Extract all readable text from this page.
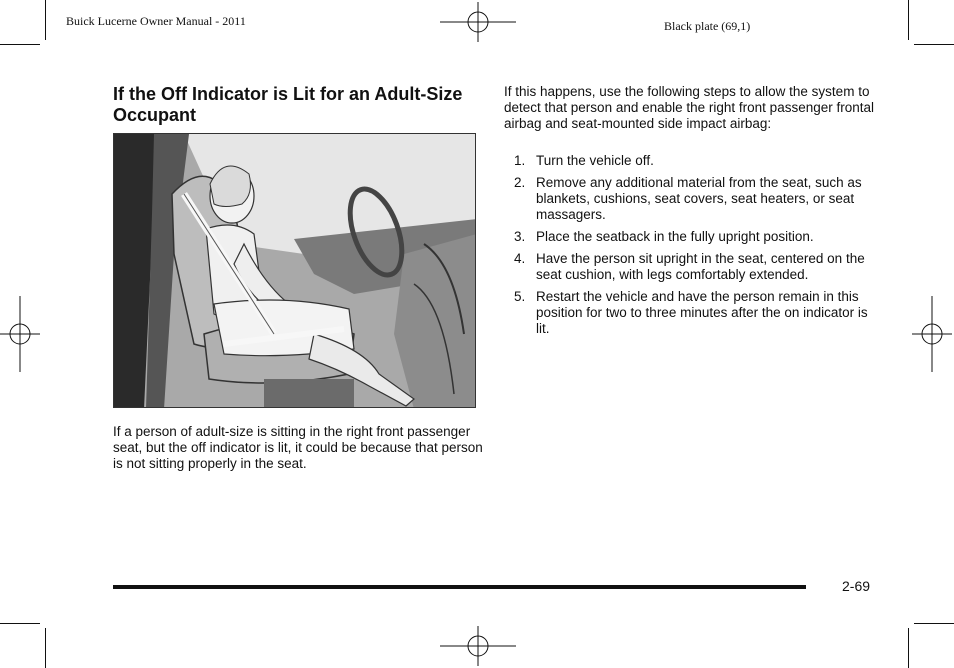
Buick Lucerne Owner Manual - 2011	Black plate (69,1)
If the Off Indicator is Lit for an Adult-Size Occupant

If a person of adult-size is sitting in the right front passenger seat, but the off indicator is lit, it could be because that person is not sitting properly in the seat.

If this happens, use the following steps to allow the system to detect that person and enable the right front passenger frontal airbag and seat-mounted side impact airbag:

1. Turn the vehicle off.
2. Remove any additional material from the seat, such as blankets, cushions, seat covers, seat heaters, or seat massagers.
3. Place the seatback in the fully upright position.
4. Have the person sit upright in the seat, centered on the seat cushion, with legs comfortably extended.
5. Restart the vehicle and have the person remain in this position for two to three minutes after the on indicator is lit.
2-69
